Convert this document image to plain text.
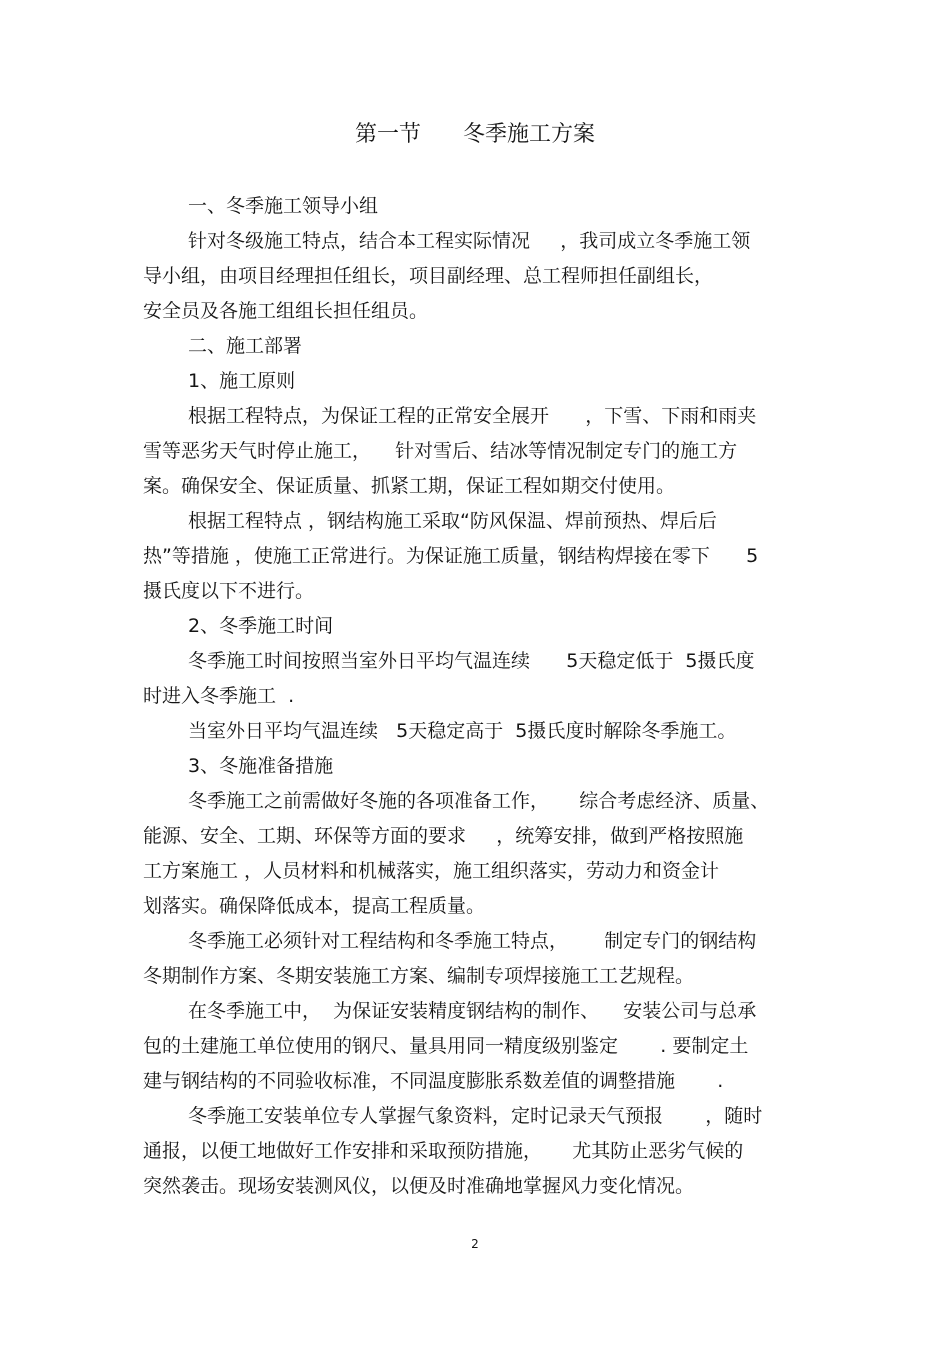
第一节      冬季施工方案
一、冬季施工领导小组
针对冬级施工特点，结合本工程实际情况     ，我司成立冬季施工领
导小组，由项目经理担任组长，项目副经理、总工程师担任副组长，
安全员及各施工组组长担任组员。
二、施工部署
1、施工原则
根据工程特点，为保证工程的正常安全展开      ，下雪、下雨和雨夹
雪等恶劣天气时停止施工，    针对雪后、结冰等情况制定专门的施工方
案。确保安全、保证质量、抓紧工期，保证工程如期交付使用。
根据工程特点 ，钢结构施工采取“防风保温、焊前预热、焊后后
热”等措施 ，使施工正常进行。为保证施工质量，钢结构焊接在零下      5
摄氏度以下不进行。
2、冬季施工时间
冬季施工时间按照当室外日平均气温连续      5天稳定低于  5摄氏度
时进入冬季施工  .
当室外日平均气温连续   5天稳定高于  5摄氏度时解除冬季施工。
3、冬施准备措施
冬季施工之前需做好冬施的各项准备工作，     综合考虑经济、质量、
能源、安全、工期、环保等方面的要求     ，统筹安排，做到严格按照施
工方案施工 ，人员材料和机械落实，施工组织落实，劳动力和资金计
划落实。确保降低成本，提高工程质量。
冬季施工必须针对工程结构和冬季施工特点，      制定专门的钢结构
冬期制作方案、冬期安装施工方案、编制专项焊接施工工艺规程。
在冬季施工中，  为保证安装精度钢结构的制作、    安装公司与总承
包的土建施工单位使用的钢尺、量具用同一精度级别鉴定       . 要制定土
建与钢结构的不同验收标准，不同温度膨胀系数差值的调整措施       .
冬季施工安装单位专人掌握气象资料，定时记录天气预报       ，随时
通报，以便工地做好工作安排和采取预防措施，     尤其防止恶劣气候的
突然袭击。现场安装测风仪，以便及时准确地掌握风力变化情况。
2
